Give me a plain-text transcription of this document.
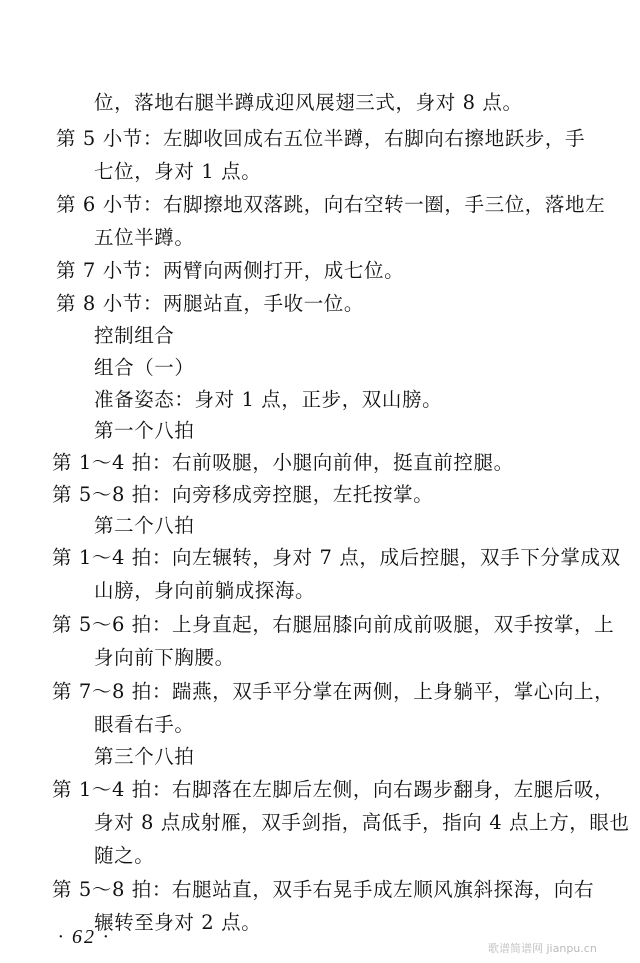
位，落地右腿半蹲成迎风展翅三式，身对 8 点。
第 5 小节：左脚收回成右五位半蹲，右脚向右擦地跃步，手
七位，身对 1 点。
第 6 小节：右脚擦地双落跳，向右空转一圈，手三位，落地左
五位半蹲。
第 7 小节：两臂向两侧打开，成七位。
第 8 小节：两腿站直，手收一位。
控制组合
组合（一）
准备姿态：身对 1 点，正步，双山膀。
第一个八拍
第 1～4 拍：右前吸腿，小腿向前伸，挺直前控腿。
第 5～8 拍：向旁移成旁控腿，左托按掌。
第二个八拍
第 1～4 拍：向左辗转，身对 7 点，成后控腿，双手下分掌成双
山膀，身向前躺成探海。
第 5～6 拍：上身直起，右腿屈膝向前成前吸腿，双手按掌，上
身向前下胸腰。
第 7～8 拍：踹燕，双手平分掌在两侧，上身躺平，掌心向上，
眼看右手。
第三个八拍
第 1～4 拍：右脚落在左脚后左侧，向右踢步翻身，左腿后吸，
身对 8 点成射雁，双手剑指，高低手，指向 4 点上方，眼也
随之。
第 5～8 拍：右腿站直，双手右晃手成左顺风旗斜探海，向右
辗转至身对 2 点。
· 62 ·
歌谱简谱网 jianpu.cn
